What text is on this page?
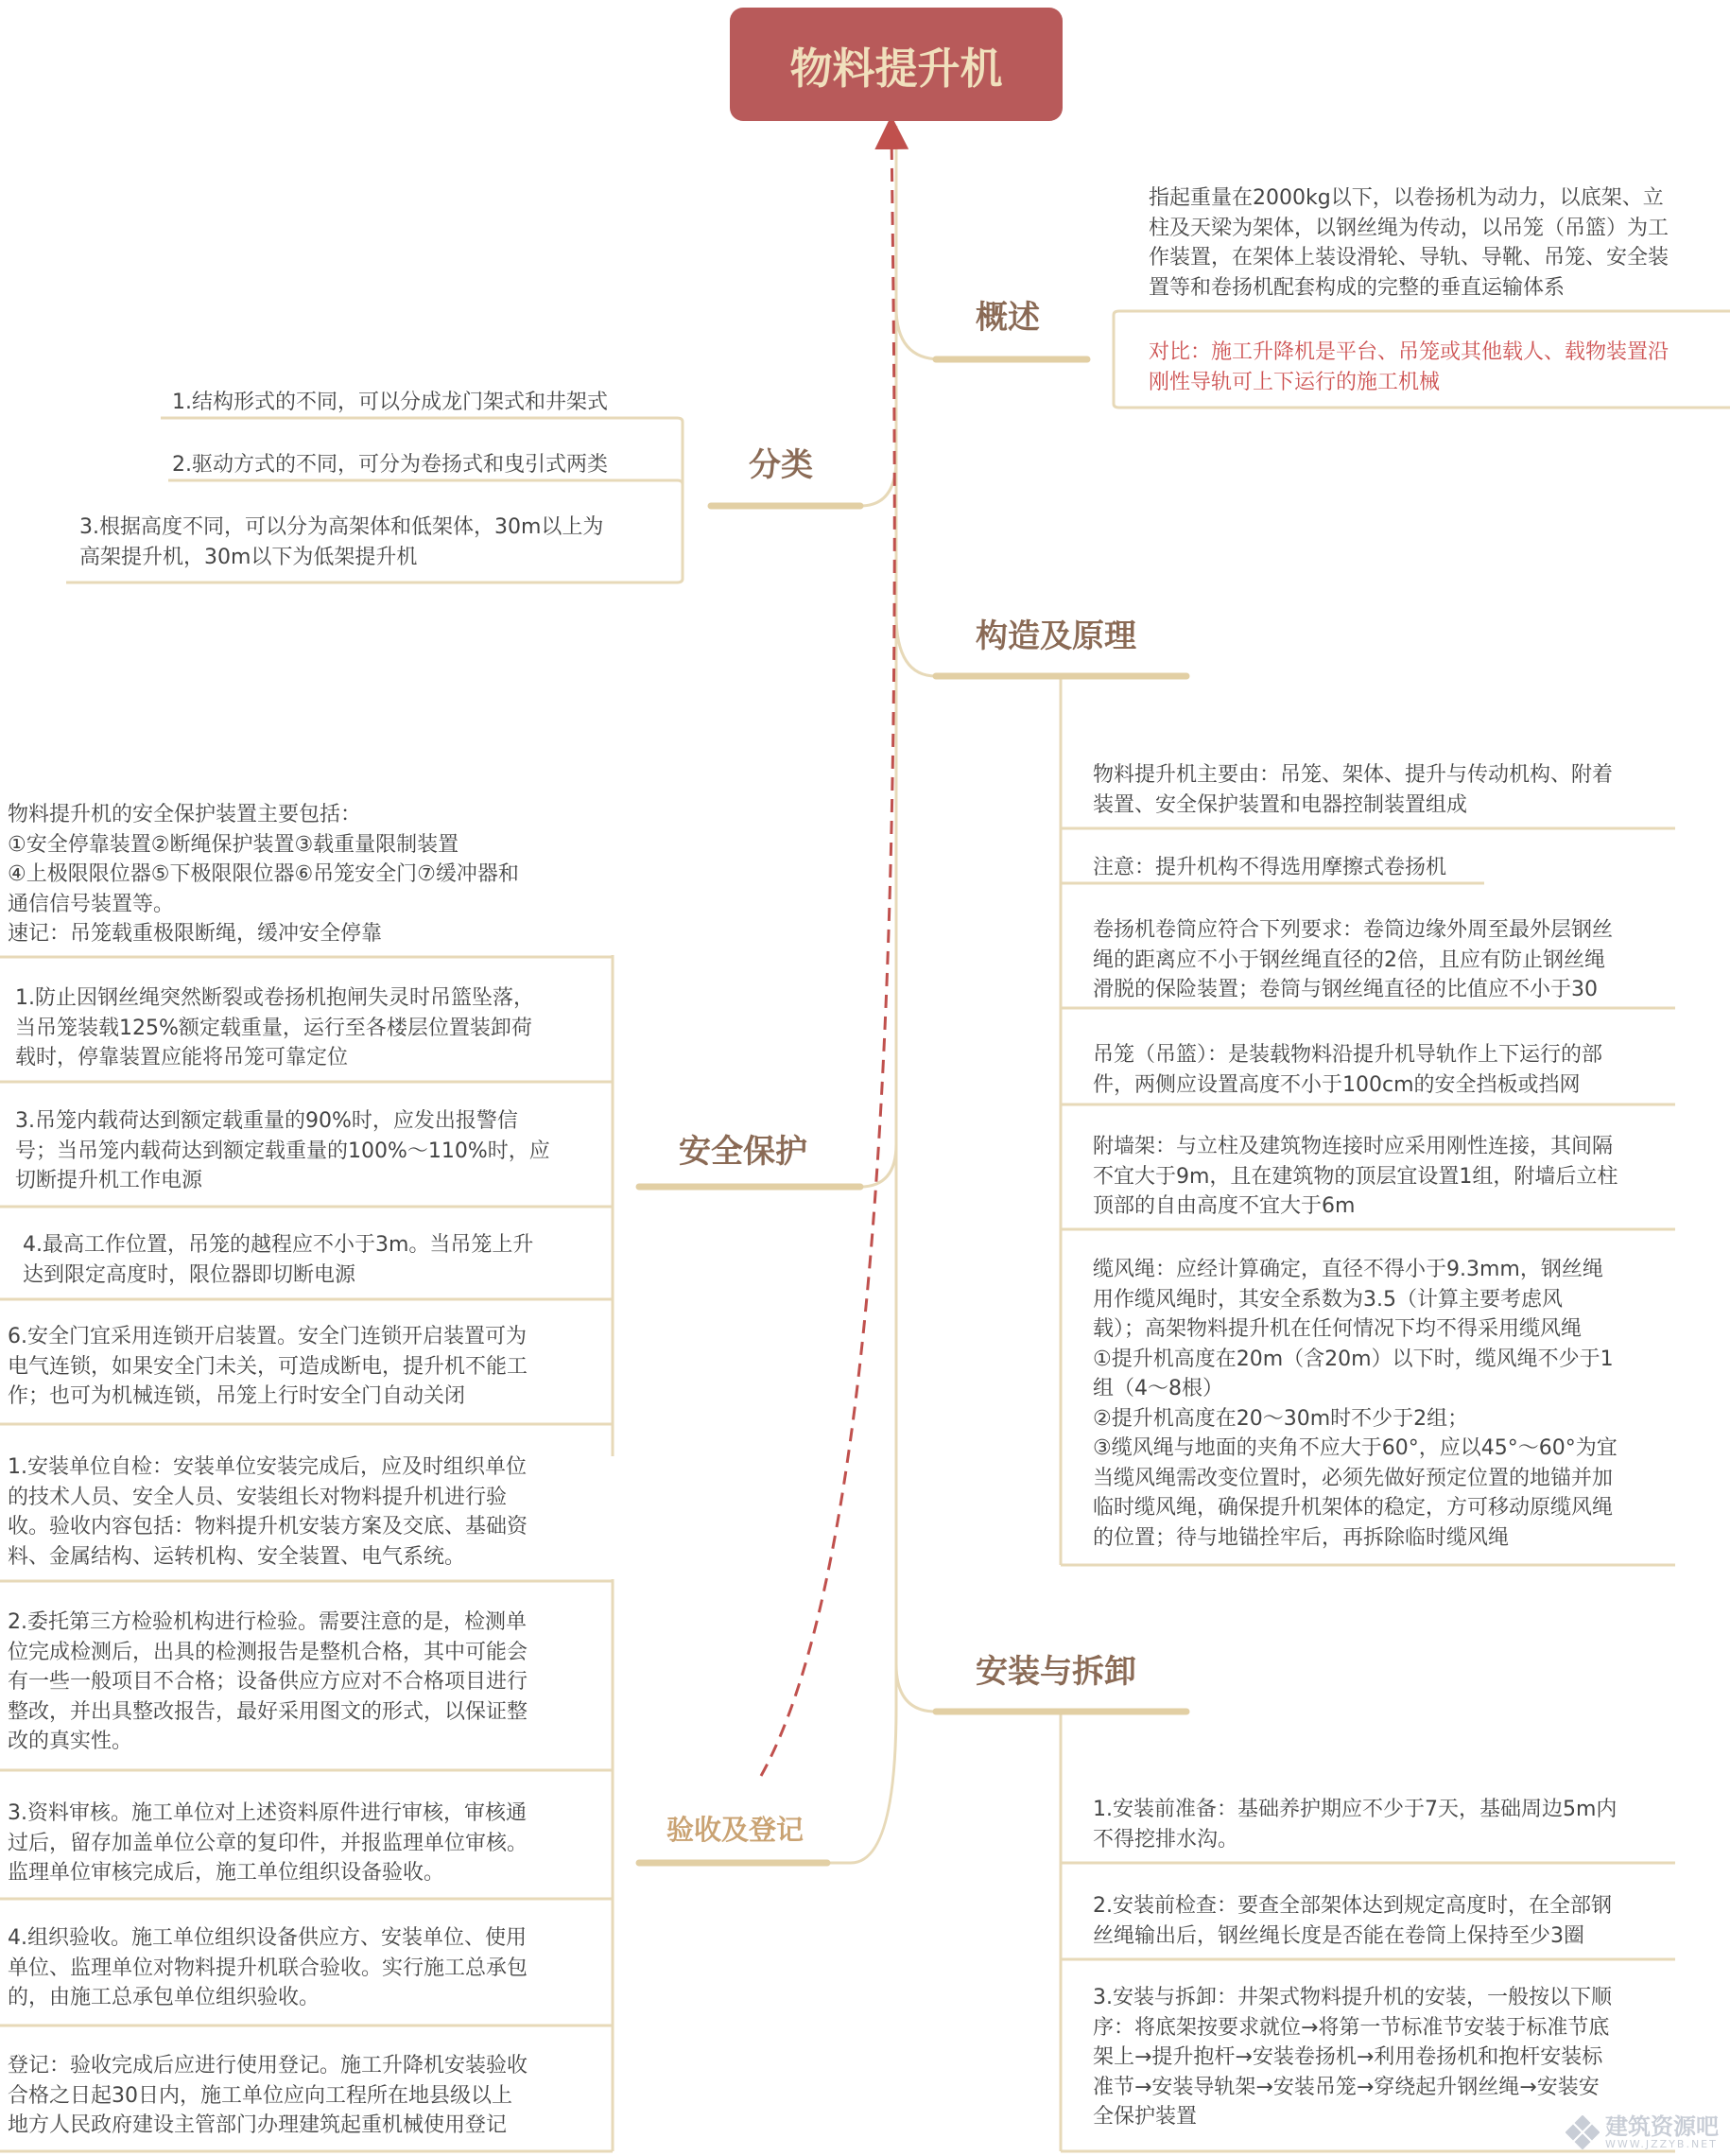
物料提升机
概述

指起重量在2000kg以下，以卷扬机为动力，以底架、立
柱及天梁为架体，以钢丝绳为传动，以吊笼（吊篮）为工
作装置，在架体上装设滑轮、导轨、导靴、吊笼、安全装
置等和卷扬机配套构成的完整的垂直运输体系

对比：施工升降机是平台、吊笼或其他载人、载物装置沿
刚性导轨可上下运行的施工机械

分类

1.结构形式的不同，可以分成龙门架式和井架式

2.驱动方式的不同，可分为卷扬式和曳引式两类

3.根据高度不同，可以分为高架体和低架体，30m以上为
高架提升机，30m以下为低架提升机

构造及原理

物料提升机主要由：吊笼、架体、提升与传动机构、附着
装置、安全保护装置和电器控制装置组成

注意：提升机构不得选用摩擦式卷扬机

卷扬机卷筒应符合下列要求：卷筒边缘外周至最外层钢丝
绳的距离应不小于钢丝绳直径的2倍，且应有防止钢丝绳
滑脱的保险装置；卷筒与钢丝绳直径的比值应不小于30

吊笼（吊篮）：是装载物料沿提升机导轨作上下运行的部
件，两侧应设置高度不小于100cm的安全挡板或挡网

附墙架：与立柱及建筑物连接时应采用刚性连接，其间隔
不宜大于9m，且在建筑物的顶层宜设置1组，附墙后立柱
顶部的自由高度不宜大于6m

缆风绳：应经计算确定，直径不得小于9.3mm，钢丝绳
用作缆风绳时，其安全系数为3.5（计算主要考虑风
载）；高架物料提升机在任何情况下均不得采用缆风绳
①提升机高度在20m（含20m）以下时，缆风绳不少于1
组（4～8根）
②提升机高度在20～30m时不少于2组；
③缆风绳与地面的夹角不应大于60°，应以45°～60°为宜
当缆风绳需改变位置时，必须先做好预定位置的地锚并加
临时缆风绳，确保提升机架体的稳定，方可移动原缆风绳
的位置；待与地锚拴牢后，再拆除临时缆风绳

安全保护

物料提升机的安全保护装置主要包括：
①安全停靠装置②断绳保护装置③载重量限制装置
④上极限限位器⑤下极限限位器⑥吊笼安全门⑦缓冲器和
通信信号装置等。
速记：吊笼载重极限断绳，缓冲安全停靠

1.防止因钢丝绳突然断裂或卷扬机抱闸失灵时吊篮坠落，
当吊笼装载125%额定载重量，运行至各楼层位置装卸荷
载时，停靠装置应能将吊笼可靠定位

3.吊笼内载荷达到额定载重量的90%时，应发出报警信
号；当吊笼内载荷达到额定载重量的100%～110%时，应
切断提升机工作电源

4.最高工作位置，吊笼的越程应不小于3m。当吊笼上升
达到限定高度时，限位器即切断电源

6.安全门宜采用连锁开启装置。安全门连锁开启装置可为
电气连锁，如果安全门未关，可造成断电，提升机不能工
作；也可为机械连锁，吊笼上行时安全门自动关闭

安装与拆卸

1.安装前准备：基础养护期应不少于7天，基础周边5m内
不得挖排水沟。

2.安装前检查：要查全部架体达到规定高度时，在全部钢
丝绳输出后，钢丝绳长度是否能在卷筒上保持至少3圈

3.安装与拆卸：井架式物料提升机的安装，一般按以下顺
序：将底架按要求就位→将第一节标准节安装于标准节底
架上→提升抱杆→安装卷扬机→利用卷扬机和抱杆安装标
准节→安装导轨架→安装吊笼→穿绕起升钢丝绳→安装安
全保护装置

验收及登记

1.安装单位自检：安装单位安装完成后，应及时组织单位
的技术人员、安全人员、安装组长对物料提升机进行验
收。验收内容包括：物料提升机安装方案及交底、基础资
料、金属结构、运转机构、安全装置、电气系统。

2.委托第三方检验机构进行检验。需要注意的是，检测单
位完成检测后，出具的检测报告是整机合格，其中可能会
有一些一般项目不合格；设备供应方应对不合格项目进行
整改，并出具整改报告，最好采用图文的形式，以保证整
改的真实性。

3.资料审核。施工单位对上述资料原件进行审核，审核通
过后，留存加盖单位公章的复印件，并报监理单位审核。
监理单位审核完成后，施工单位组织设备验收。

4.组织验收。施工单位组织设备供应方、安装单位、使用
单位、监理单位对物料提升机联合验收。实行施工总承包
的，由施工总承包单位组织验收。

登记：验收完成后应进行使用登记。施工升降机安装验收
合格之日起30日内，施工单位应向工程所在地县级以上
地方人民政府建设主管部门办理建筑起重机械使用登记	建筑资源吧
WWW.JZZYB.NET
